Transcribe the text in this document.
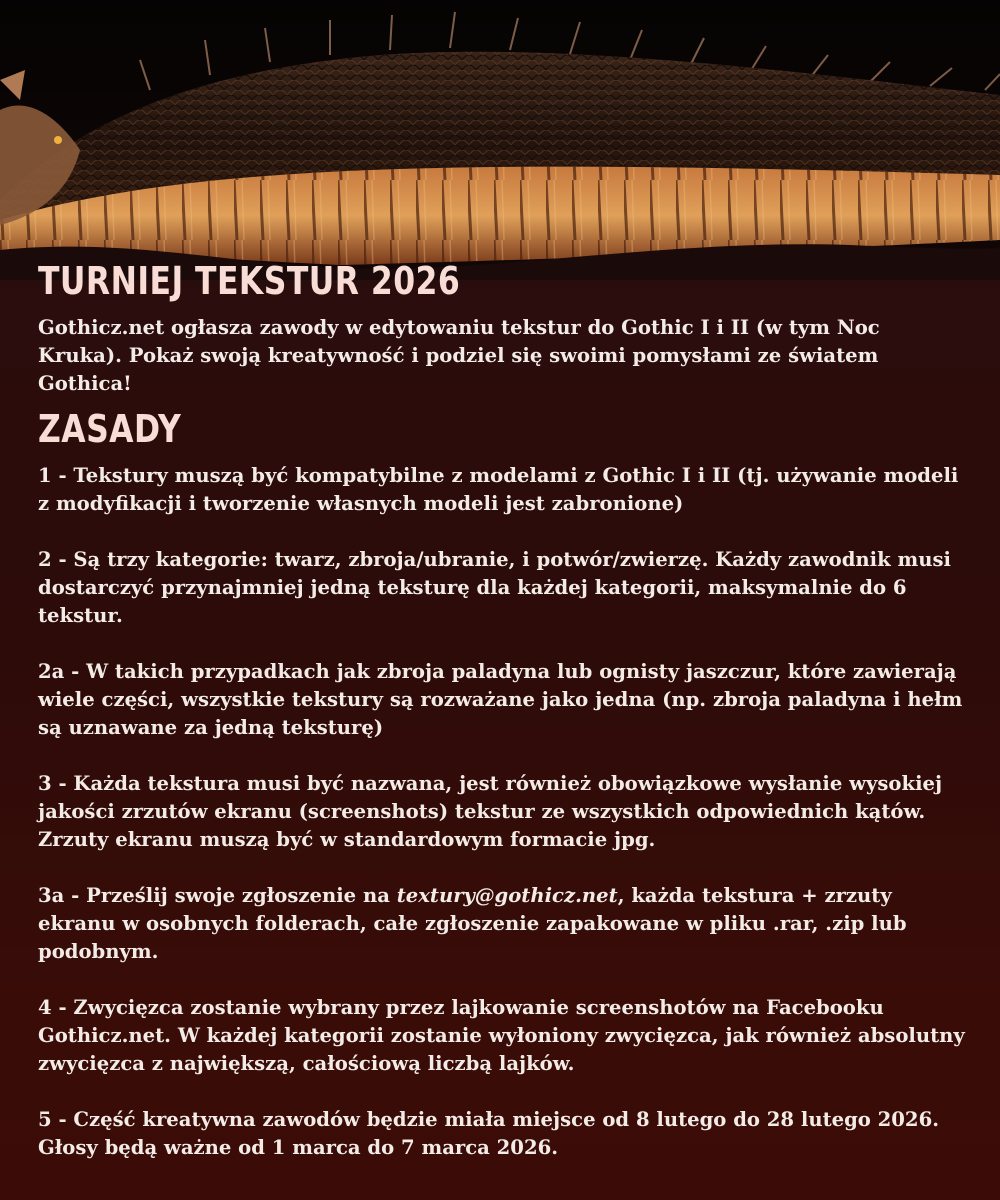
TURNIEJ TEKSTUR 2026

Gothicz.net ogłasza zawody w edytowaniu tekstur do Gothic I i II (w tym Noc Kruka). Pokaż swoją kreatywność i podziel się swoimi pomysłami ze światem Gothica!

ZASADY
1 - Tekstury muszą być kompatybilne z modelami z Gothic I i II (tj. używanie modeli z modyfikacji i tworzenie własnych modeli jest zabronione)
2 - Są trzy kategorie: twarz, zbroja/ubranie, i potwór/zwierzę. Każdy zawodnik musi dostarczyć przynajmniej jedną teksturę dla każdej kategorii, maksymalnie do 6 tekstur.
2a - W takich przypadkach jak zbroja paladyna lub ognisty jaszczur, które zawierają wiele części, wszystkie tekstury są rozważane jako jedna (np. zbroja paladyna i hełm są uznawane za jedną teksturę)
3 - Każda tekstura musi być nazwana, jest również obowiązkowe wysłanie wysokiej jakości zrzutów ekranu (screenshots) tekstur ze wszystkich odpowiednich kątów. Zrzuty ekranu muszą być w standardowym formacie jpg.
3a - Prześlij swoje zgłoszenie na textury@gothicz.net, każda tekstura + zrzuty ekranu w osobnych folderach, całe zgłoszenie zapakowane w pliku .rar, .zip lub podobnym.
4 - Zwycięzca zostanie wybrany przez lajkowanie screenshotów na Facebooku Gothicz.net. W każdej kategorii zostanie wyłoniony zwycięzca, jak również absolutny zwycięzca z największą, całościową liczbą lajków.
5 - Część kreatywna zawodów będzie miała miejsce od 8 lutego do 28 lutego 2026. Głosy będą ważne od 1 marca do 7 marca 2026.
